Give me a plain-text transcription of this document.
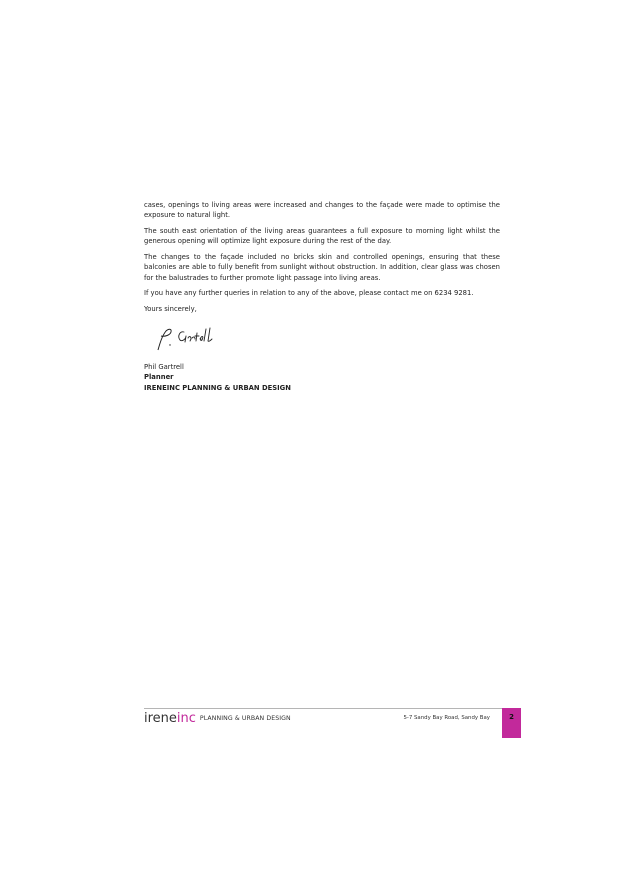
cases, openings to living areas were increased and changes to the façade were made to optimise the exposure to natural light.

The south east orientation of the living areas guarantees a full exposure to morning light whilst the generous opening will optimize light exposure during the rest of the day.

The changes to the façade included no bricks skin and controlled openings, ensuring that these balconies are able to fully benefit from sunlight without obstruction. In addition, clear glass was chosen for the balustrades to further promote light passage into living areas.

If you have any further queries in relation to any of the above, please contact me on 6234 9281.

Yours sincerely,

Phil Gartrell
Planner
IRENEINC PLANNING & URBAN DESIGN
ireneinc PLANNING & URBAN DESIGN	5-7 Sandy Bay Road, Sandy Bay	2
